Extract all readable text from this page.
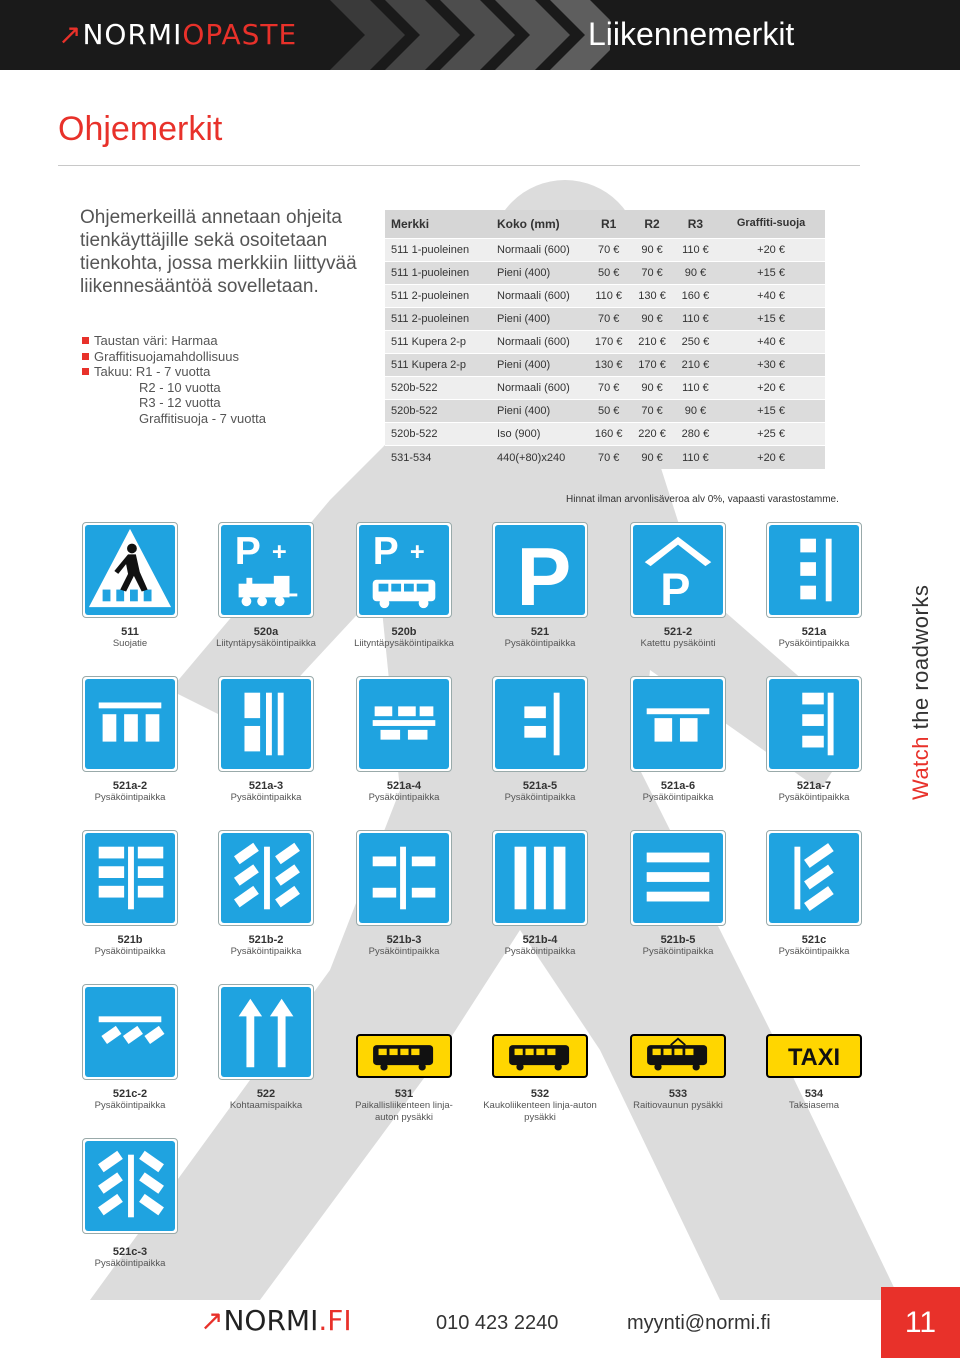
↗NORMIOPASTE	Liikennemerkit
Ohjemerkit
Ohjemerkeillä annetaan ohjeita tienkäyttäjille sekä osoitetaan tienkohta, jossa merkkiin liittyvää liikennesääntöä sovelletaan.
Taustan väri: Harmaa
Graffitisuojamahdollisuus
Takuu: R1 - 7 vuotta
R2 - 10 vuotta
R3 - 12 vuotta
Graffitisuoja - 7 vuotta
Merkki	Koko (mm)	R1	R2	R3	Graffiti-suoja
511 1-puoleinen	Normaali (600)	70 €	90 €	110 €	+20 €
511 1-puoleinen	Pieni (400)	50 €	70 €	90 €	+15 €
511 2-puoleinen	Normaali (600)	110 €	130 €	160 €	+40 €
511 2-puoleinen	Pieni (400)	70 €	90 €	110 €	+15 €
511 Kupera 2-p	Normaali (600)	170 €	210 €	250 €	+40 €
511 Kupera 2-p	Pieni (400)	130 €	170 €	210 €	+30 €
520b-522	Normaali (600)	70 €	90 €	110 €	+20 €
520b-522	Pieni (400)	50 €	70 €	90 €	+15 €
520b-522	Iso (900)	160 €	220 €	280 €	+25 €
531-534	440(+80)x240	70 €	90 €	110 €	+20 €
Hinnat ilman arvonlisäveroa alv 0%, vapaasti varastostamme.
511
Suojatie
P +
520a
Liityntäpysäköintipaikka
P +
520b
Liityntäpysäköintipaikka
P
521
Pysäköintipaikka
P
521-2
Katettu pysäköinti
521a
Pysäköintipaikka
521a-2
Pysäköintipaikka
521a-3
Pysäköintipaikka
521a-4
Pysäköintipaikka
521a-5
Pysäköintipaikka
521a-6
Pysäköintipaikka
521a-7
Pysäköintipaikka
521b
Pysäköintipaikka
521b-2
Pysäköintipaikka
521b-3
Pysäköintipaikka
521b-4
Pysäköintipaikka
521b-5
Pysäköintipaikka
521c
Pysäköintipaikka
521c-2
Pysäköintipaikka
522
Kohtaamispaikka
531
Paikallisliikenteen linja-auton pysäkki
532
Kaukoliikenteen linja-auton pysäkki
533
Raitiovaunun pysäkki
TAXI
534
Taksiasema
521c-3
Pysäköintipaikka
Watch the roadworks
↗NORMI.FI	010 423 2240	myynti@normi.fi	11
